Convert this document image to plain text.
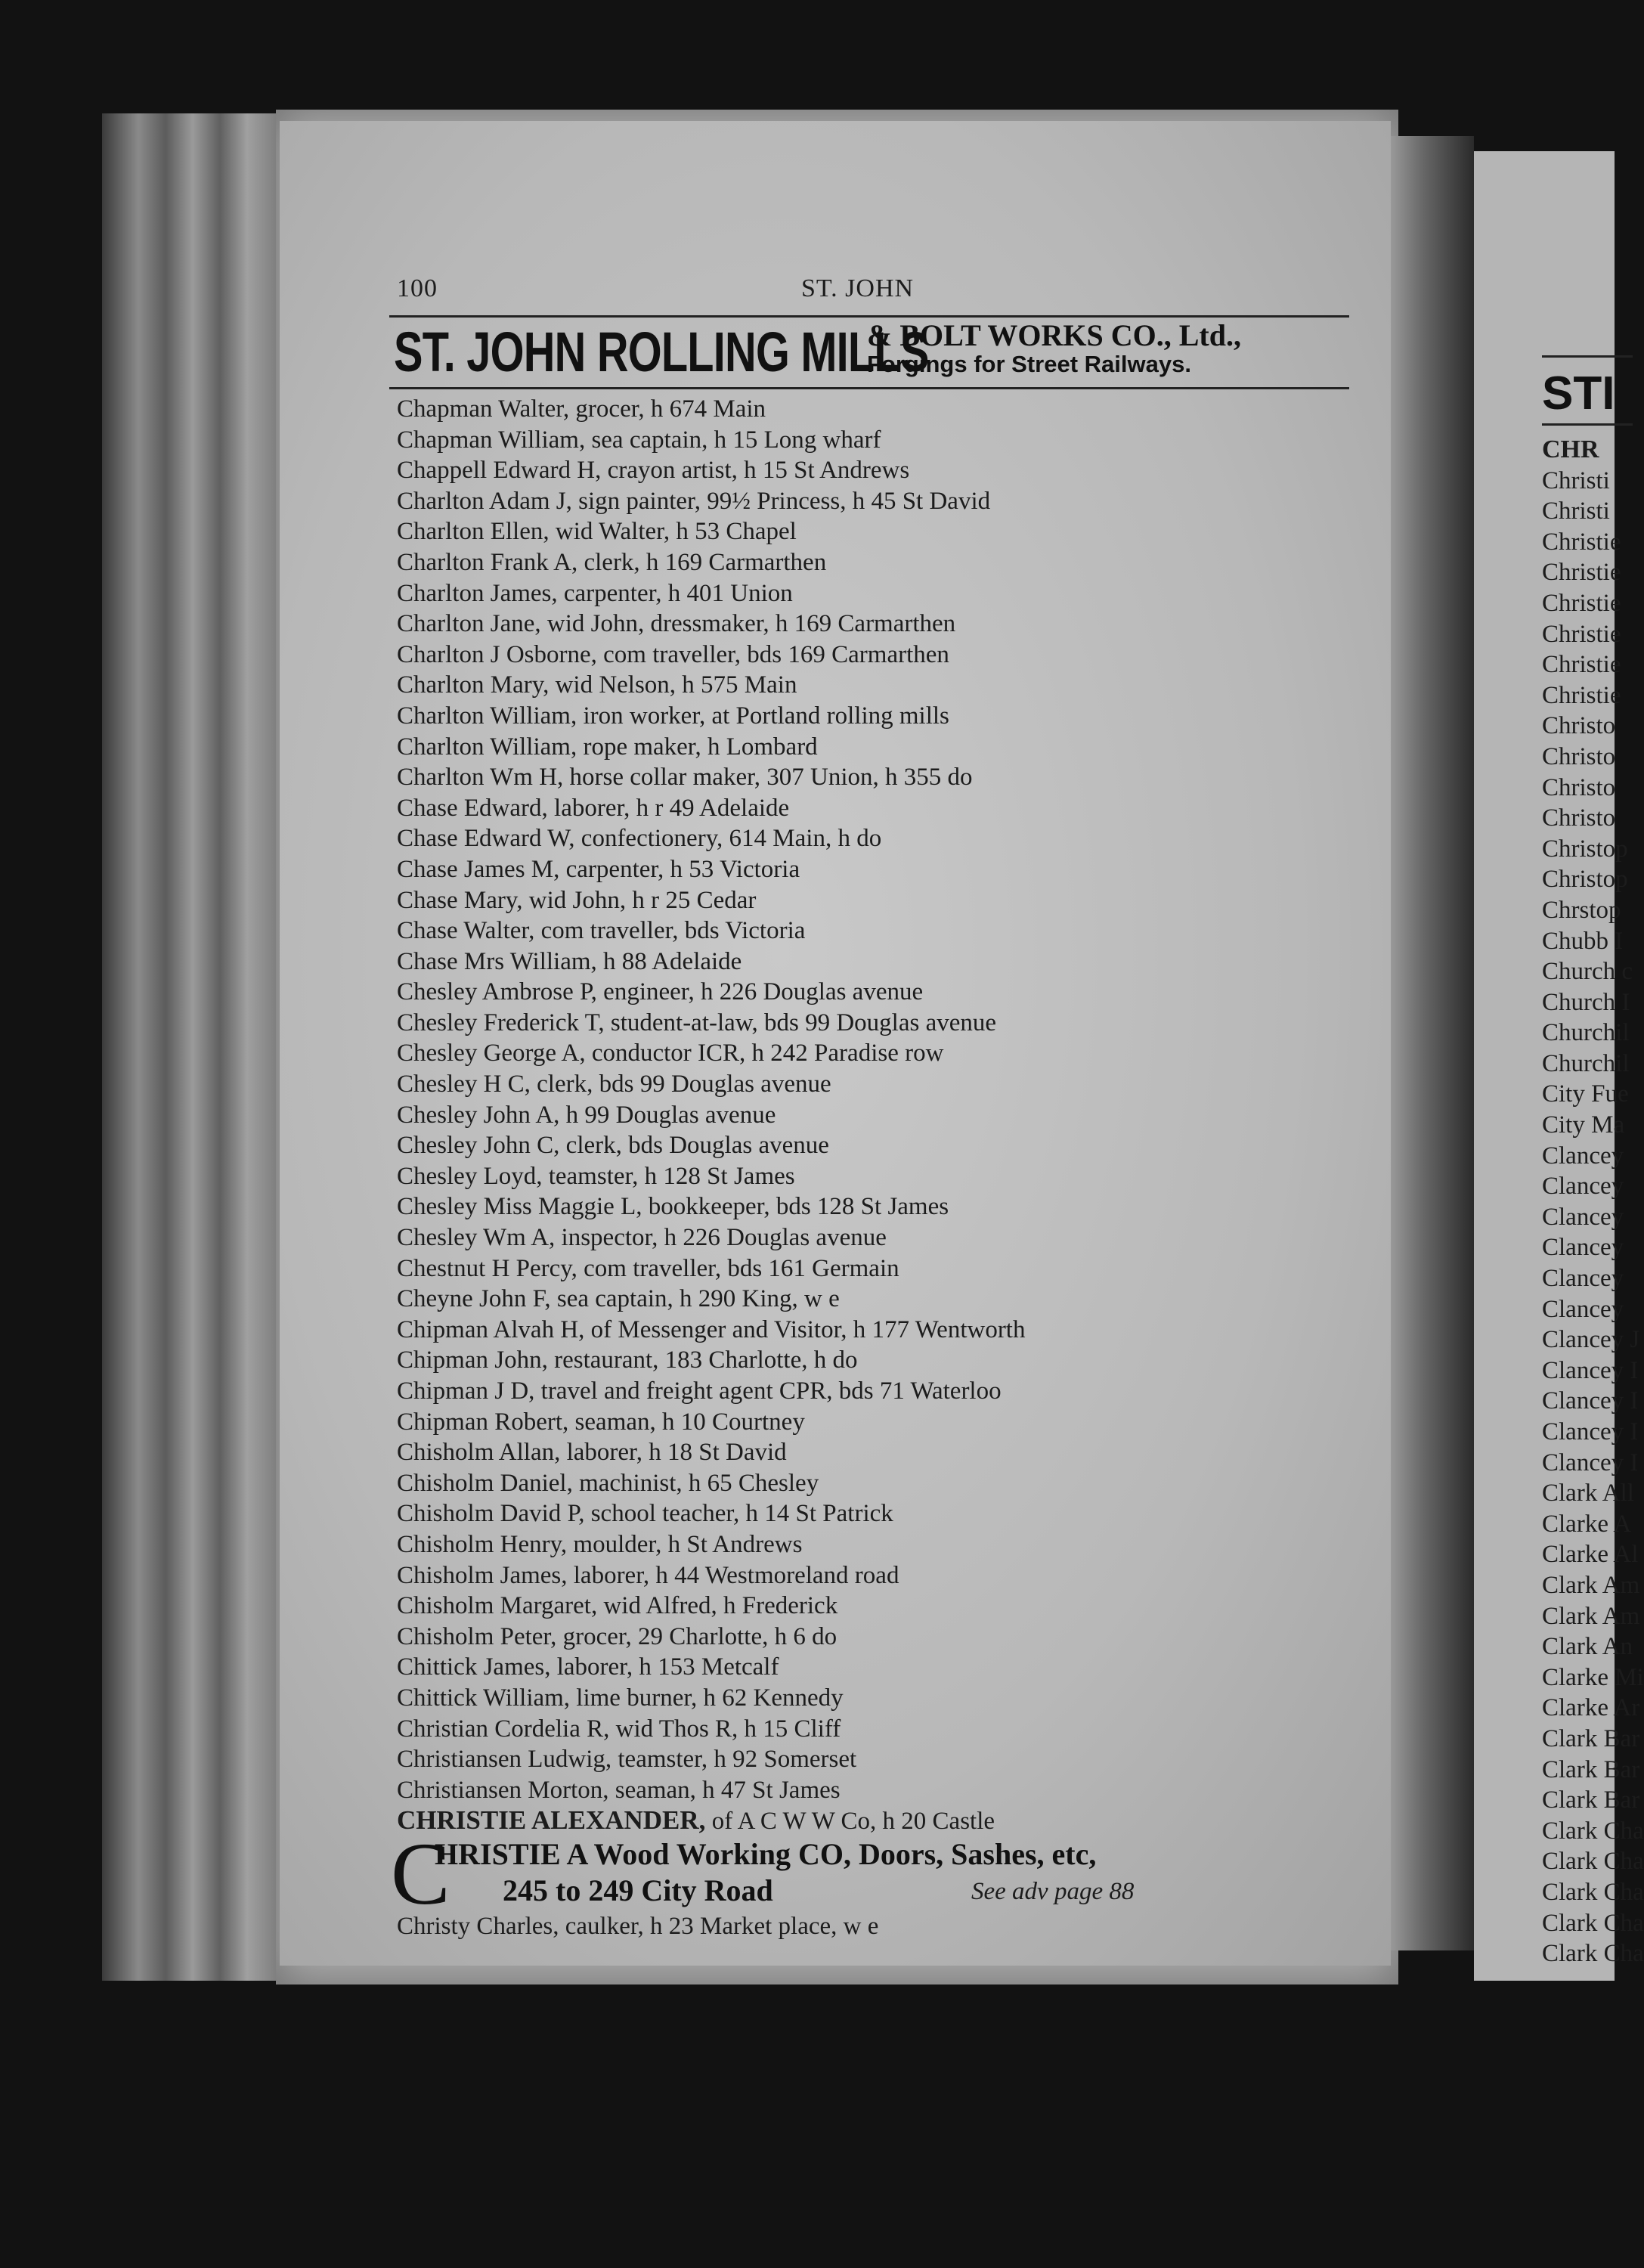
STI
CHR
Christi
Christi
Christie
Christie
Christie
Christie
Christie
Christie
Christo
Christo
Christo
Christo
Christop
Christop
Chrstop
Chubb I
Church c
Church I
Churchil
Churchil
City Fue
City Ma
Clancey
Clancey
Clancey
Clancey
Clancey
Clancey
Clancey J
Clancey I
Clancey I
Clancey I
Clancey I
Clark All
Clarke A
Clarke Al
Clark Am
Clark Am
Clark An
Clarke Mi
Clarke Ar
Clark Bar
Clark Bar
Clark Bar
Clark Cha
Clark Cha
Clark Cha
Clark Cha
Clark Cha
100	ST. JOHN
ST. JOHN ROLLING MILLS
& BOLT WORKS CO., Ltd.,
Forgings for Street Railways.
Chapman Walter, grocer, h 674 Main
Chapman William, sea captain, h 15 Long wharf
Chappell Edward H, crayon artist, h 15 St Andrews
Charlton Adam J, sign painter, 99½ Princess, h 45 St David
Charlton Ellen, wid Walter, h 53 Chapel
Charlton Frank A, clerk, h 169 Carmarthen
Charlton James, carpenter, h 401 Union
Charlton Jane, wid John, dressmaker, h 169 Carmarthen
Charlton J Osborne, com traveller, bds 169 Carmarthen
Charlton Mary, wid Nelson, h 575 Main
Charlton William, iron worker, at Portland rolling mills
Charlton William, rope maker, h Lombard
Charlton Wm H, horse collar maker, 307 Union, h 355 do
Chase Edward, laborer, h r 49 Adelaide
Chase Edward W, confectionery, 614 Main, h do
Chase James M, carpenter, h 53 Victoria
Chase Mary, wid John, h r 25 Cedar
Chase Walter, com traveller, bds Victoria
Chase Mrs William, h 88 Adelaide
Chesley Ambrose P, engineer, h 226 Douglas avenue
Chesley Frederick T, student-at-law, bds 99 Douglas avenue
Chesley George A, conductor ICR, h 242 Paradise row
Chesley H C, clerk, bds 99 Douglas avenue
Chesley John A, h 99 Douglas avenue
Chesley John C, clerk, bds Douglas avenue
Chesley Loyd, teamster, h 128 St James
Chesley Miss Maggie L, bookkeeper, bds 128 St James
Chesley Wm A, inspector, h 226 Douglas avenue
Chestnut H Percy, com traveller, bds 161 Germain
Cheyne John F, sea captain, h 290 King, w e
Chipman Alvah H, of Messenger and Visitor, h 177 Wentworth
Chipman John, restaurant, 183 Charlotte, h do
Chipman J D, travel and freight agent CPR, bds 71 Waterloo
Chipman Robert, seaman, h 10 Courtney
Chisholm Allan, laborer, h 18 St David
Chisholm Daniel, machinist, h 65 Chesley
Chisholm David P, school teacher, h 14 St Patrick
Chisholm Henry, moulder, h St Andrews
Chisholm James, laborer, h 44 Westmoreland road
Chisholm Margaret, wid Alfred, h Frederick
Chisholm Peter, grocer, 29 Charlotte, h 6 do
Chittick James, laborer, h 153 Metcalf
Chittick William, lime burner, h 62 Kennedy
Christian Cordelia R, wid Thos R, h 15 Cliff
Christiansen Ludwig, teamster, h 92 Somerset
Christiansen Morton, seaman, h 47 St James
CHRISTIE ALEXANDER, of A C W W Co, h 20 Castle
C
HRISTIE A Wood Working CO, Doors, Sashes, etc,
245 to 249 City Road	See adv page 88
Christy Charles, caulker, h 23 Market place, w e
